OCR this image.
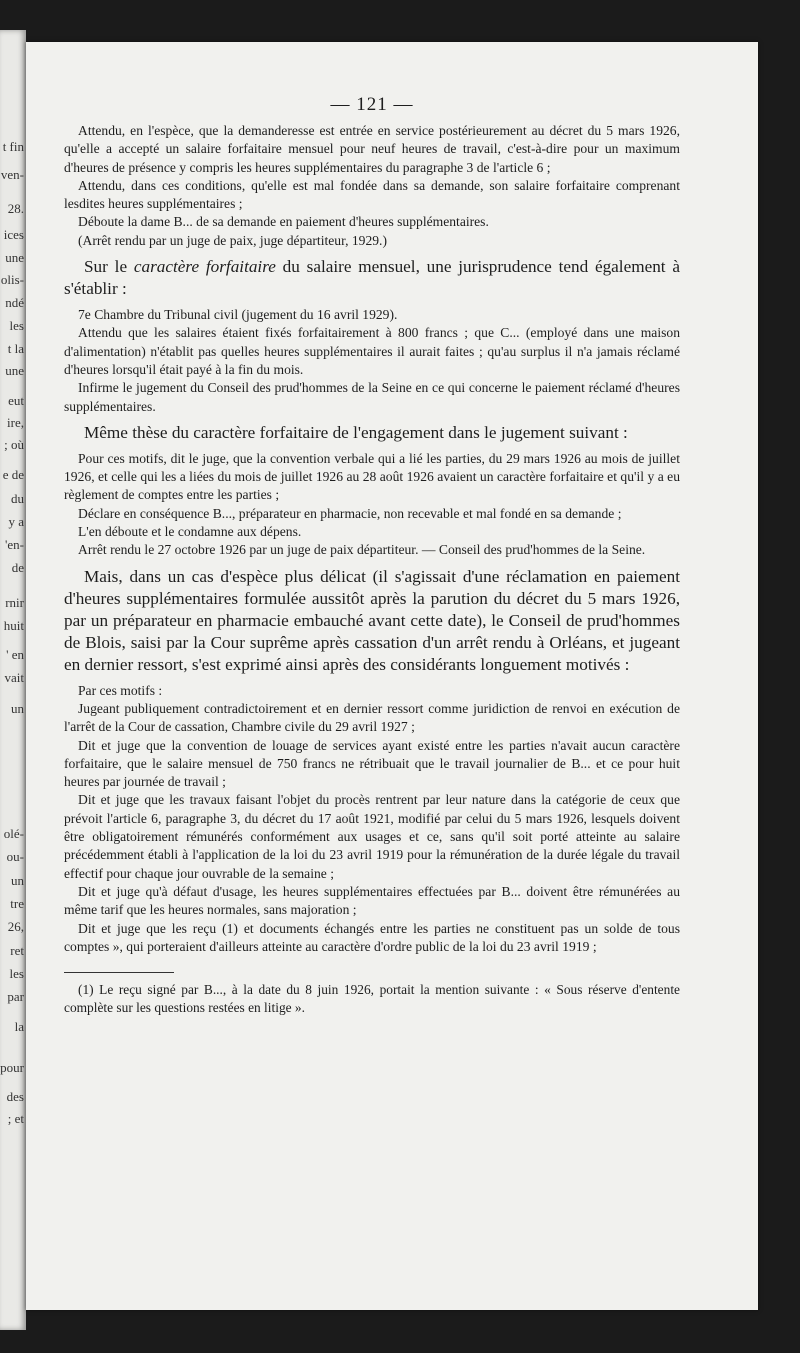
t fin
ven-
28.
ices
une
olis-
ndé
les
t la
une
eut
ire,
; où
e de
du
y a
'en-
de
rnir
huit
' en
vait
un
olé-
ou-
un
tre
26,
ret
les
par
la
pour
des
; et
— 121 —

Attendu, en l'espèce, que la demanderesse est entrée en service postérieurement au décret du 5 mars 1926, qu'elle a accepté un salaire forfaitaire mensuel pour neuf heures de travail, c'est-à-dire pour un maximum d'heures de présence y compris les heures supplémentaires du paragraphe 3 de l'article 6 ;

Attendu, dans ces conditions, qu'elle est mal fondée dans sa demande, son salaire forfaitaire comprenant lesdites heures supplémentaires ;

Déboute la dame B... de sa demande en paiement d'heures supplémentaires.

(Arrêt rendu par un juge de paix, juge départiteur, 1929.)

Sur le caractère forfaitaire du salaire mensuel, une jurisprudence tend également à s'établir :

7e Chambre du Tribunal civil (jugement du 16 avril 1929).

Attendu que les salaires étaient fixés forfaitairement à 800 francs ; que C... (employé dans une maison d'alimentation) n'établit pas quelles heures supplémentaires il aurait faites ; qu'au surplus il n'a jamais réclamé d'heures lorsqu'il était payé à la fin du mois.

Infirme le jugement du Conseil des prud'hommes de la Seine en ce qui concerne le paiement réclamé d'heures supplémentaires.

Même thèse du caractère forfaitaire de l'engagement dans le jugement suivant :

Pour ces motifs, dit le juge, que la convention verbale qui a lié les parties, du 29 mars 1926 au mois de juillet 1926, et celle qui les a liées du mois de juillet 1926 au 28 août 1926 avaient un caractère forfaitaire et qu'il y a eu règlement de comptes entre les parties ;

Déclare en conséquence B..., préparateur en pharmacie, non recevable et mal fondé en sa demande ;

L'en déboute et le condamne aux dépens.

Arrêt rendu le 27 octobre 1926 par un juge de paix départiteur. — Conseil des prud'hommes de la Seine.

Mais, dans un cas d'espèce plus délicat (il s'agissait d'une réclamation en paiement d'heures supplémentaires formulée aussitôt après la parution du décret du 5 mars 1926, par un préparateur en pharmacie embauché avant cette date), le Conseil de prud'hommes de Blois, saisi par la Cour suprême après cassation d'un arrêt rendu à Orléans, et jugeant en dernier ressort, s'est exprimé ainsi après des considérants longuement motivés :

Par ces motifs :

Jugeant publiquement contradictoirement et en dernier ressort comme juridiction de renvoi en exécution de l'arrêt de la Cour de cassation, Chambre civile du 29 avril 1927 ;

Dit et juge que la convention de louage de services ayant existé entre les parties n'avait aucun caractère forfaitaire, que le salaire mensuel de 750 francs ne rétribuait que le travail journalier de B... et ce pour huit heures par journée de travail ;

Dit et juge que les travaux faisant l'objet du procès rentrent par leur nature dans la catégorie de ceux que prévoit l'article 6, paragraphe 3, du décret du 17 août 1921, modifié par celui du 5 mars 1926, lesquels doivent être obligatoirement rémunérés conformément aux usages et ce, sans qu'il soit porté atteinte au salaire précédemment établi à l'application de la loi du 23 avril 1919 pour la rémunération de la durée légale du travail effectif pour chaque jour ouvrable de la semaine ;

Dit et juge qu'à défaut d'usage, les heures supplémentaires effectuées par B... doivent être rémunérées au même tarif que les heures normales, sans majoration ;

Dit et juge que les reçu (1) et documents échangés entre les parties ne constituent pas un solde de tous comptes », qui porteraient d'ailleurs atteinte au caractère d'ordre public de la loi du 23 avril 1919 ;

(1) Le reçu signé par B..., à la date du 8 juin 1926, portait la mention suivante : « Sous réserve d'entente complète sur les questions restées en litige ».
